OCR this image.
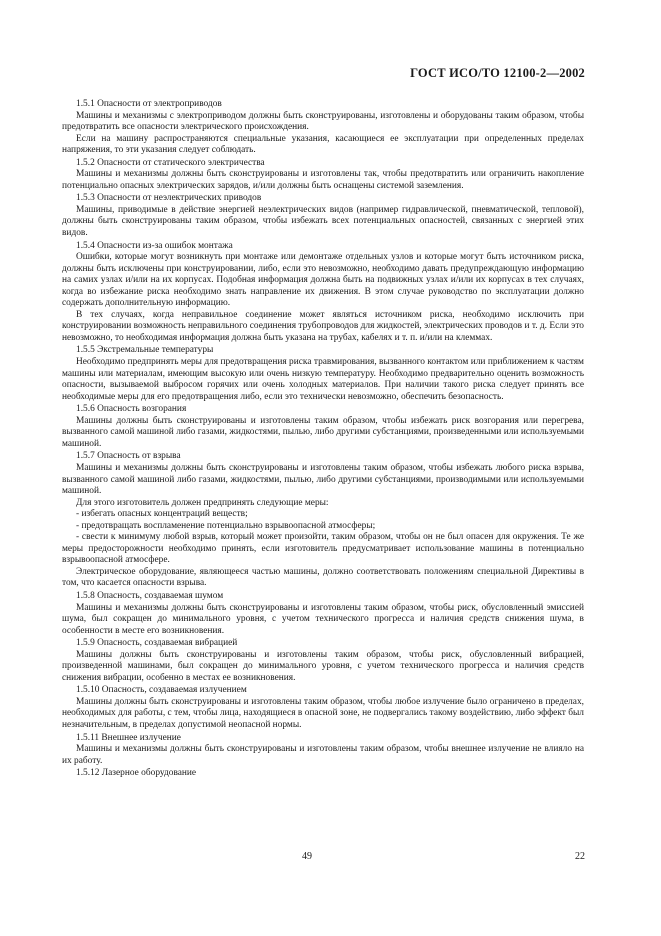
ГОСТ ИСО/ТО 12100-2—2002

1.5.1 Опасности от электроприводов

Машины и механизмы с электроприводом должны быть сконструированы, изготовлены и оборудованы таким образом, чтобы предотвратить все опасности электрического происхождения.

Если на машину распространяются специальные указания, касающиеся ее эксплуатации при определенных пределах напряжения, то эти указания следует соблюдать.

1.5.2 Опасности от статического электричества

Машины и механизмы должны быть сконструированы и изготовлены так, чтобы предотвратить или ограничить накопление потенциально опасных электрических зарядов, и/или должны быть оснащены системой заземления.

1.5.3 Опасности от неэлектрических приводов

Машины, приводимые в действие энергией неэлектрических видов (например гидравлической, пневматической, тепловой), должны быть сконструированы таким образом, чтобы избежать всех потенциальных опасностей, связанных с энергией этих видов.

1.5.4 Опасности из-за ошибок монтажа

Ошибки, которые могут возникнуть при монтаже или демонтаже отдельных узлов и которые могут быть источником риска, должны быть исключены при конструировании, либо, если это невозможно, необходимо давать предупреждающую информацию на самих узлах и/или на их корпусах. Подобная информация должна быть на подвижных узлах и/или их корпусах в тех случаях, когда во избежание риска необходимо знать направление их движения. В этом случае руководство по эксплуатации должно содержать дополнительную информацию.

В тех случаях, когда неправильное соединение может являться источником риска, необходимо исключить при конструировании возможность неправильного соединения трубопроводов для жидкостей, электрических проводов и т. д. Если это невозможно, то необходимая информация должна быть указана на трубах, кабелях и т. п. и/или на клеммах.

1.5.5 Экстремальные температуры

Необходимо предпринять меры для предотвращения риска травмирования, вызванного контактом или приближением к частям машины или материалам, имеющим высокую или очень низкую температуру. Необходимо предварительно оценить возможность опасности, вызываемой выбросом горячих или очень холодных материалов. При наличии такого риска следует принять все необходимые меры для его предотвращения либо, если это технически невозможно, обеспечить безопасность.

1.5.6 Опасность возгорания

Машины должны быть сконструированы и изготовлены таким образом, чтобы избежать риск возгорания или перегрева, вызванного самой машиной либо газами, жидкостями, пылью, либо другими субстанциями, произведенными или используемыми машиной.

1.5.7 Опасность от взрыва

Машины и механизмы должны быть сконструированы и изготовлены таким образом, чтобы избежать любого риска взрыва, вызванного самой машиной либо газами, жидкостями, пылью, либо другими субстанциями, производимыми или используемыми машиной.

Для этого изготовитель должен предпринять следующие меры:

- избегать опасных концентраций веществ;

- предотвращать воспламенение потенциально взрывоопасной атмосферы;

- свести к минимуму любой взрыв, который может произойти, таким образом, чтобы он не был опасен для окружения. Те же меры предосторожности необходимо принять, если изготовитель предусматривает использование машины в потенциально взрывоопасной атмосфере.

Электрическое оборудование, являющееся частью машины, должно соответствовать положениям специальной Директивы в том, что касается опасности взрыва.

1.5.8 Опасность, создаваемая шумом

Машины и механизмы должны быть сконструированы и изготовлены таким образом, чтобы риск, обусловленный эмиссией шума, был сокращен до минимального уровня, с учетом технического прогресса и наличия средств снижения шума, в особенности в месте его возникновения.

1.5.9 Опасность, создаваемая вибрацией

Машины должны быть сконструированы и изготовлены таким образом, чтобы риск, обусловленный вибрацией, произведенной машинами, был сокращен до минимального уровня, с учетом технического прогресса и наличия средств снижения вибрации, особенно в местах ее возникновения.

1.5.10 Опасность, создаваемая излучением

Машины должны быть сконструированы и изготовлены таким образом, чтобы любое излучение было ограничено в пределах, необходимых для работы, с тем, чтобы лица, находящиеся в опасной зоне, не подвергались такому воздействию, либо эффект был незначительным, в пределах допустимой неопасной нормы.

1.5.11 Внешнее излучение

Машины и механизмы должны быть сконструированы и изготовлены таким образом, чтобы внешнее излучение не влияло на их работу.

1.5.12 Лазерное оборудование

49	22
